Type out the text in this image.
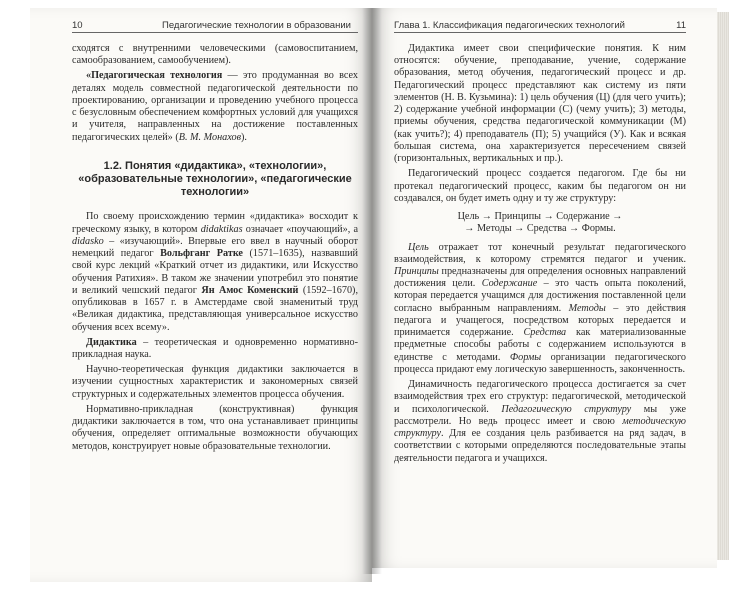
10	Педагогические технологии в образовании

сходятся с внутренними человеческими (самовоспитанием, самообразованием, самообучением).

«Педагогическая технология — это продуманная во всех деталях модель совместной педагогической деятельности по проектированию, организации и проведению учебного процесса с безусловным обеспечением комфортных условий для учащихся и учителя, направленных на достижение поставленных педагогических целей» (В. М. Монахов).

1.2. Понятия «дидактика», «технологии», «образовательные технологии», «педагогические технологии»

По своему происхождению термин «дидактика» восходит к греческому языку, в котором didaktikas означает «поучающий», а didasko – «изучающий». Впервые его ввел в научный оборот немецкий педагог Вольфганг Ратке (1571–1635), назвавший свой курс лекций «Краткий отчет из дидактики, или Искусство обучения Ратихия». В таком же значении употребил это понятие и великий чешский педагог Ян Амос Коменский (1592–1670), опубликовав в 1657 г. в Амстердаме свой знаменитый труд «Великая дидактика, представляющая универсальное искусство обучения всех всему».

Дидактика – теоретическая и одновременно нормативно-прикладная наука.

Научно-теоретическая функция дидактики заключается в изучении сущностных характеристик и закономерных связей структурных и содержательных элементов процесса обучения.

Нормативно-прикладная (конструктивная) функция дидактики заключается в том, что она устанавливает принципы обучения, определяет оптимальные возможности обучающих методов, конструирует новые образовательные технологии.

Глава 1. Классификация педагогических технологий	11

Дидактика имеет свои специфические понятия. К ним относятся: обучение, преподавание, учение, содержание образования, метод обучения, педагогический процесс и др. Педагогический процесс представляют как систему из пяти элементов (Н. В. Кузьмина): 1) цель обучения (Ц) (для чего учить); 2) содержание учебной информации (С) (чему учить); 3) методы, приемы обучения, средства педагогической коммуникации (М) (как учить?); 4) преподаватель (П); 5) учащийся (У). Как и всякая большая система, она характеризуется пересечением связей (горизонтальных, вертикальных и пр.).

Педагогический процесс создается педагогом. Где бы ни протекал педагогический процесс, каким бы педагогом он ни создавался, он будет иметь одну и ту же структуру:

Цель → Принципы → Содержание →
→ Методы → Средства → Формы.

Цель отражает тот конечный результат педагогического взаимодействия, к которому стремятся педагог и ученик. Принципы предназначены для определения основных направлений достижения цели. Содержание – это часть опыта поколений, которая передается учащимся для достижения поставленной цели согласно выбранным направлениям. Методы – это действия педагога и учащегося, посредством которых передается и принимается содержание. Средства как материализованные предметные способы работы с содержанием используются в единстве с методами. Формы организации педагогического процесса придают ему логическую завершенность, законченность.

Динамичность педагогического процесса достигается за счет взаимодействия трех его структур: педагогической, методической и психологической. Педагогическую структуру мы уже рассмотрели. Но ведь процесс имеет и свою методическую структуру. Для ее создания цель разбивается на ряд задач, в соответствии с которыми определяются последовательные этапы деятельности педагога и учащихся.
